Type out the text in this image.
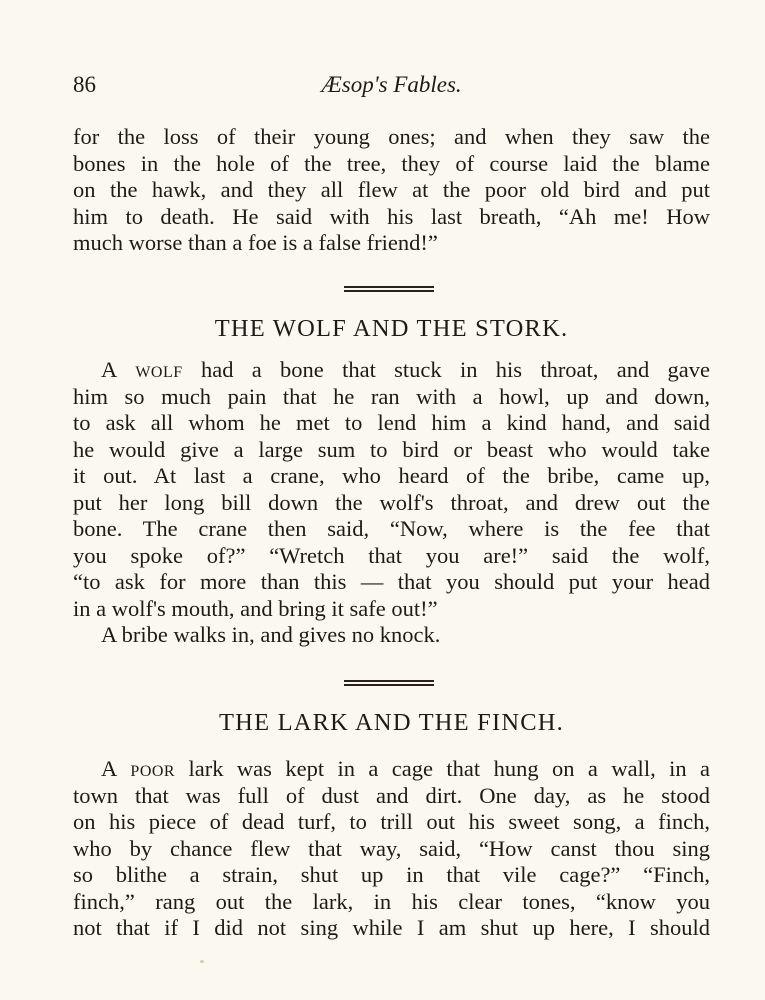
86	Æsop's Fables.
for the loss of their young ones; and when they saw the
bones in the hole of the tree, they of course laid the blame
on the hawk, and they all flew at the poor old bird and put
him to death. He said with his last breath, “Ah me! How
much worse than a foe is a false friend!”
THE WOLF AND THE STORK.
A wolf had a bone that stuck in his throat, and gave
him so much pain that he ran with a howl, up and down,
to ask all whom he met to lend him a kind hand, and said
he would give a large sum to bird or beast who would take
it out. At last a crane, who heard of the bribe, came up,
put her long bill down the wolf's throat, and drew out the
bone. The crane then said, “Now, where is the fee that
you spoke of?” “Wretch that you are!” said the wolf,
“to ask for more than this — that you should put your head
in a wolf's mouth, and bring it safe out!”
A bribe walks in, and gives no knock.
THE LARK AND THE FINCH.
A poor lark was kept in a cage that hung on a wall, in a
town that was full of dust and dirt. One day, as he stood
on his piece of dead turf, to trill out his sweet song, a finch,
who by chance flew that way, said, “How canst thou sing
so blithe a strain, shut up in that vile cage?” “Finch,
finch,” rang out the lark, in his clear tones, “know you
not that if I did not sing while I am shut up here, I should
